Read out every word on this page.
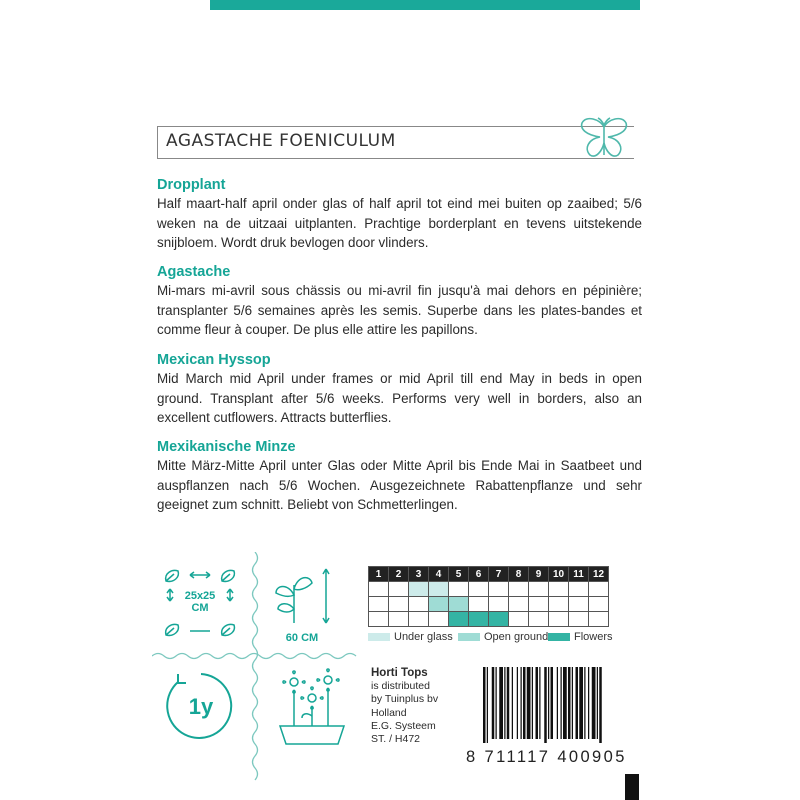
AGASTACHE FOENICULUM
Dropplant

Half maart-half april onder glas of half april tot eind mei buiten op zaaibed; 5/6 weken na de uitzaai uitplanten. Prachtige borderplant en tevens uitstekende snijbloem. Wordt druk bevlogen door vlinders.

Agastache

Mi-mars mi-avril sous chässis ou mi-avril fin jusqu'à mai dehors en pépinière; transplanter 5/6 semaines après les semis. Superbe dans les plates-bandes et comme fleur à couper. De plus elle attire les papillons.

Mexican Hyssop

Mid March mid April under frames or mid April till end May in beds in open ground. Transplant after 5/6 weeks. Performs very well in borders, also an excellent cutflowers. Attracts butterflies.

Mexikanische Minze

Mitte März-Mitte April unter Glas oder Mitte April bis Ende Mai in Saatbeet und auspflanzen nach 5/6 Wochen. Ausgezeichnete Rabattenpflanze und sehr geeignet zum schnitt. Beliebt von Schmetterlingen.

25x25
CM
60 CM
1y
1	2	3	4	5	6	7	8	9	10	11	12

Under glass	Open ground	Flowers
Horti Tops
is distributed
by Tuinplus bv
Holland
E.G. Systeem
ST. / H472
8 711117 400905
